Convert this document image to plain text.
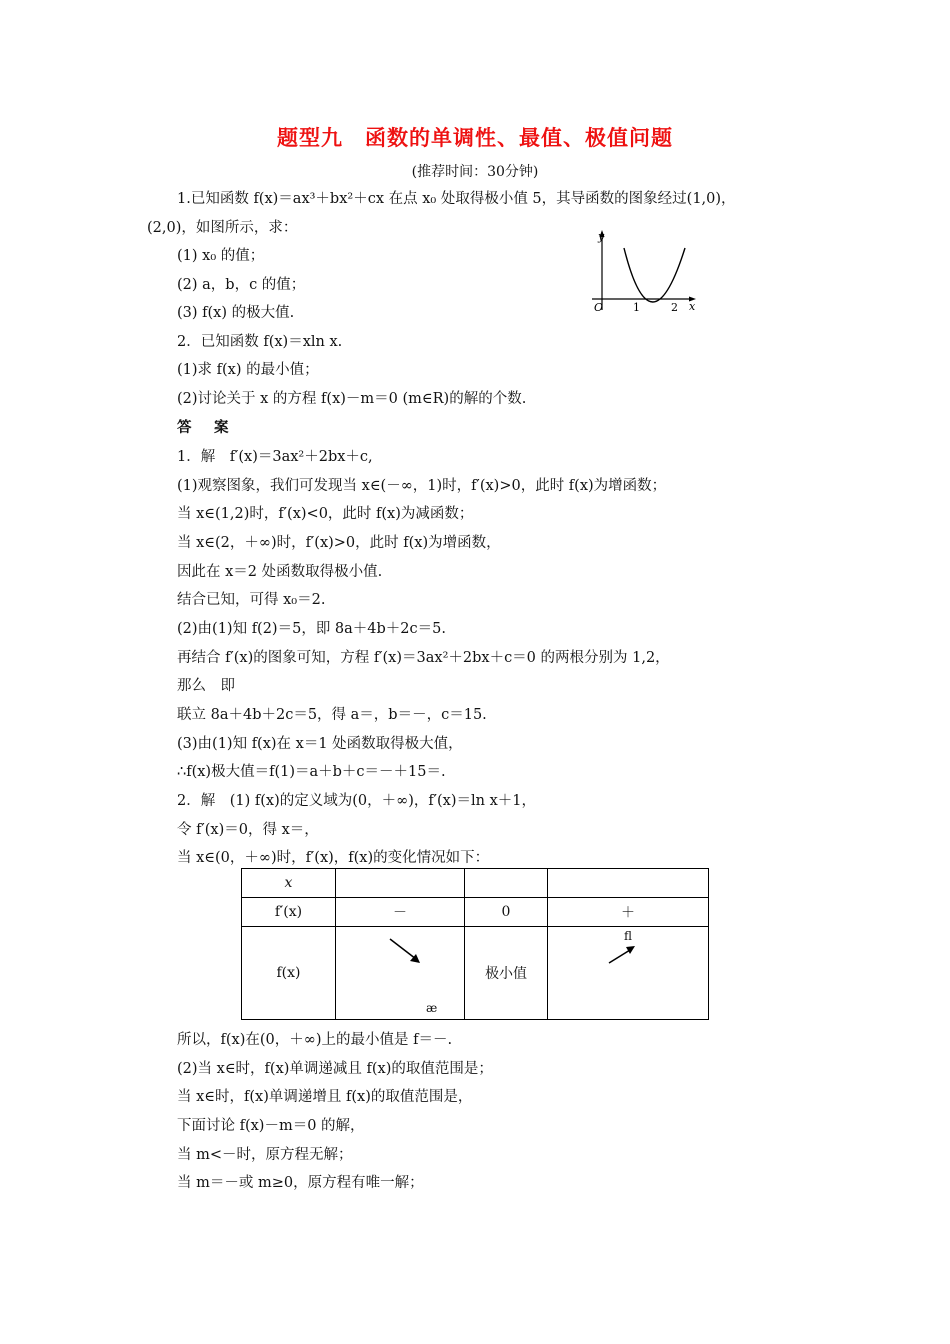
题型九　函数的单调性、最值、极值问题
(推荐时间：30分钟)
1.已知函数 f(x)＝ax³＋bx²＋cx 在点 x₀ 处取得极小值 5，其导函数的图象经过(1,0)，
(2,0)，如图所示，求：
(1) x₀ 的值；
(2) a，b，c 的值；
(3) f(x) 的极大值.
2．已知函数 f(x)＝xln x.
(1)求 f(x) 的最小值；
(2)讨论关于 x 的方程 f(x)－m＝0 (m∈R)的解的个数.
y
O	1	2 x
答　案
1．解　f′(x)＝3ax²＋2bx＋c,
(1)观察图象，我们可发现当 x∈(－∞，1)时，f′(x)>0，此时 f(x)为增函数；
当 x∈(1,2)时，f′(x)<0，此时 f(x)为减函数；
当 x∈(2，＋∞)时，f′(x)>0，此时 f(x)为增函数，
因此在 x＝2 处函数取得极小值.
结合已知，可得 x₀＝2.
(2)由(1)知 f(2)＝5，即 8a＋4b＋2c＝5.
再结合 f′(x)的图象可知，方程 f′(x)＝3ax²＋2bx＋c＝0 的两根分别为 1,2，
那么　即
联立 8a＋4b＋2c＝5，得 a＝，b＝－，c＝15.
(3)由(1)知 f(x)在 x＝1 处函数取得极大值，
∴f(x)极大值＝f(1)＝a＋b＋c＝－＋15＝.
2．解　(1) f(x)的定义域为(0，＋∞)，f′(x)＝ln x＋1，
令 f′(x)＝0，得 x＝，
当 x∈(0，＋∞)时，f′(x)，f(x)的变化情况如下：
x			
f′(x)	－	0	＋
f(x)	æ	极小值	fl
所以，f(x)在(0，＋∞)上的最小值是 f＝－.
(2)当 x∈时，f(x)单调递减且 f(x)的取值范围是；
当 x∈时，f(x)单调递增且 f(x)的取值范围是，
下面讨论 f(x)－m＝0 的解，
当 m<－时，原方程无解；
当 m＝－或 m≥0，原方程有唯一解；
